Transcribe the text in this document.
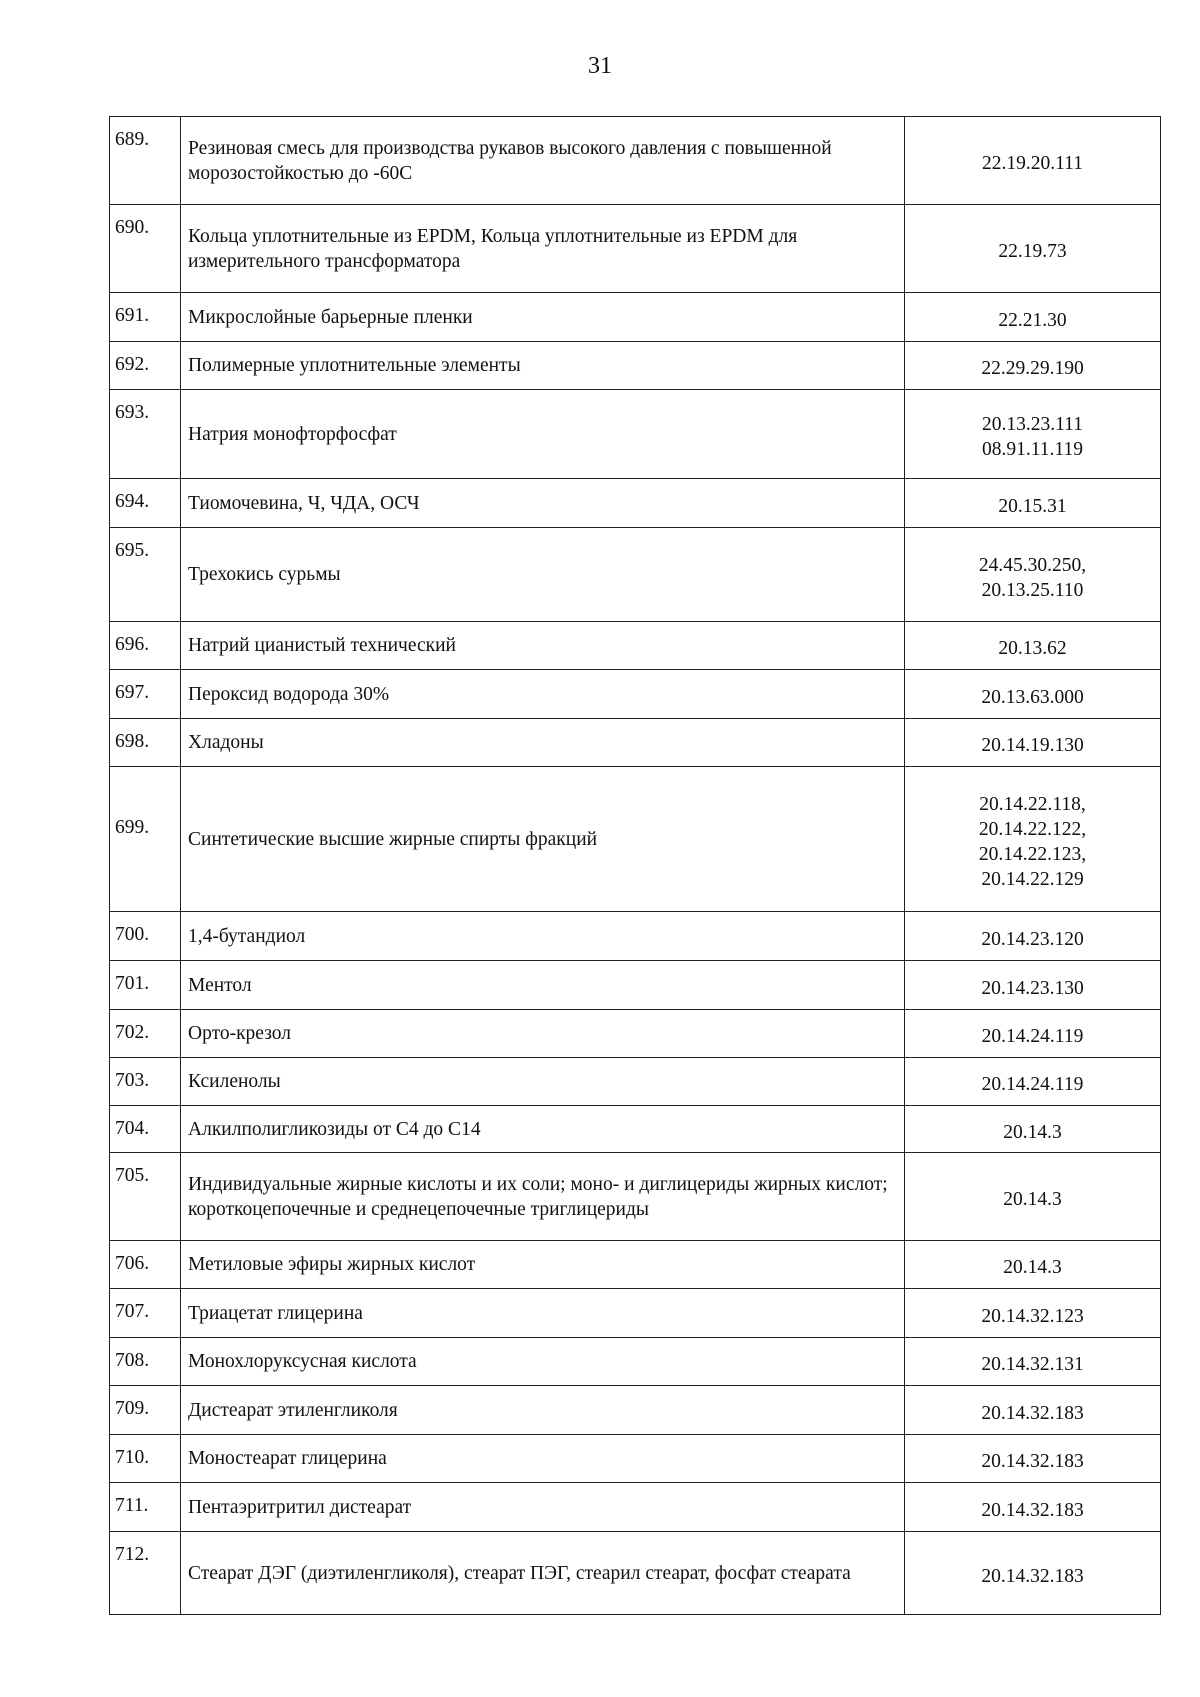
31
689.	Резиновая смесь для производства рукавов высокого давления с повышенной морозостойкостью до -60С	22.19.20.111

690.	Кольца уплотнительные из EPDM, Кольца уплотнительные из EPDM для измерительного трансформатора	22.19.73

691.	Микрослойные барьерные пленки	22.21.30

692.	Полимерные уплотнительные элементы	22.29.29.190

693.	Натрия монофторфосфат	20.13.23.111
08.91.11.119

694.	Тиомочевина, Ч, ЧДА, ОСЧ	20.15.31

695.	Трехокись сурьмы	24.45.30.250,
20.13.25.110

696.	Натрий цианистый технический	20.13.62

697.	Пероксид водорода 30%	20.13.63.000

698.	Хладоны	20.14.19.130

699.	Синтетические высшие жирные спирты фракций	20.14.22.118,
20.14.22.122,
20.14.22.123,
20.14.22.129

700.	1,4-бутандиол	20.14.23.120

701.	Ментол	20.14.23.130

702.	Орто-крезол	20.14.24.119

703.	Ксиленолы	20.14.24.119

704.	Алкилполигликозиды от С4 до С14	20.14.3

705.	Индивидуальные жирные кислоты и их соли; моно- и диглицериды жирных кислот; короткоцепочечные и среднецепочечные триглицериды	20.14.3

706.	Метиловые эфиры жирных кислот	20.14.3

707.	Триацетат глицерина	20.14.32.123

708.	Монохлоруксусная кислота	20.14.32.131

709.	Дистеарат этиленгликоля	20.14.32.183

710.	Моностеарат глицерина	20.14.32.183

711.	Пентаэритритил дистеарат	20.14.32.183

712.	Стеарат ДЭГ (диэтиленгликоля), стеарат ПЭГ, стеарил стеарат, фосфат стеарата	20.14.32.183
